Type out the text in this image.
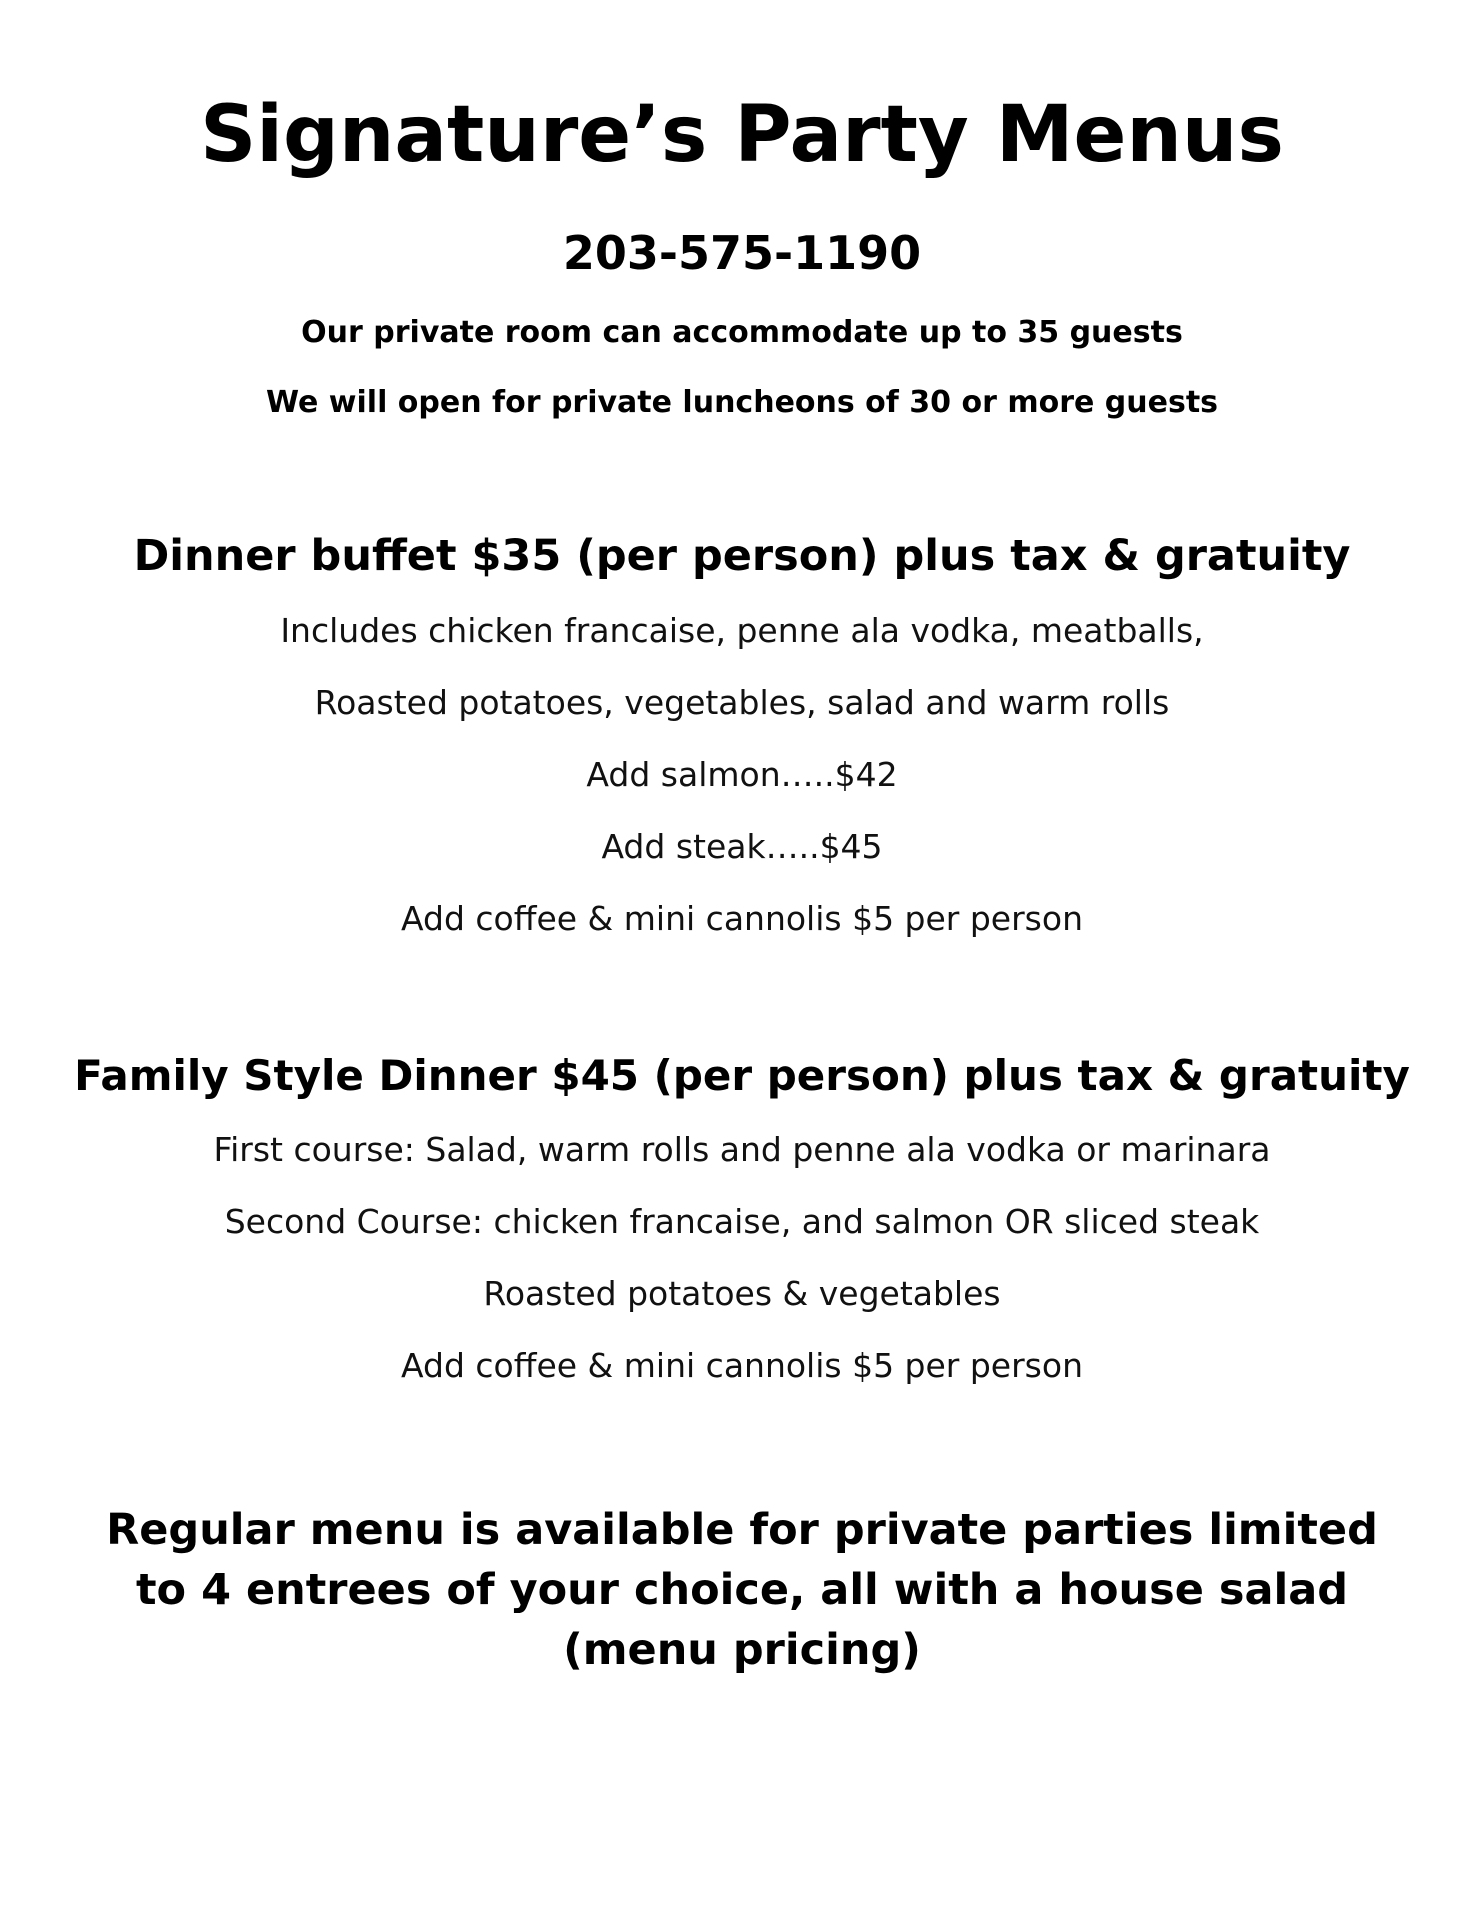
Signature’s Party Menus
203-575-1190
Our private room can accommodate up to 35 guests
We will open for private luncheons of 30 or more guests
Dinner buffet $35 (per person) plus tax & gratuity
Includes chicken francaise, penne ala vodka, meatballs,
Roasted potatoes, vegetables, salad and warm rolls
Add salmon…..$42
Add steak…..$45
Add coffee & mini cannolis $5 per person
Family Style Dinner $45 (per person) plus tax & gratuity
First course: Salad, warm rolls and penne ala vodka or marinara
Second Course: chicken francaise, and salmon OR sliced steak
Roasted potatoes & vegetables
Add coffee & mini cannolis $5 per person

Regular menu is available for private parties limited to 4 entrees of your choice, all with a house salad (menu pricing)
